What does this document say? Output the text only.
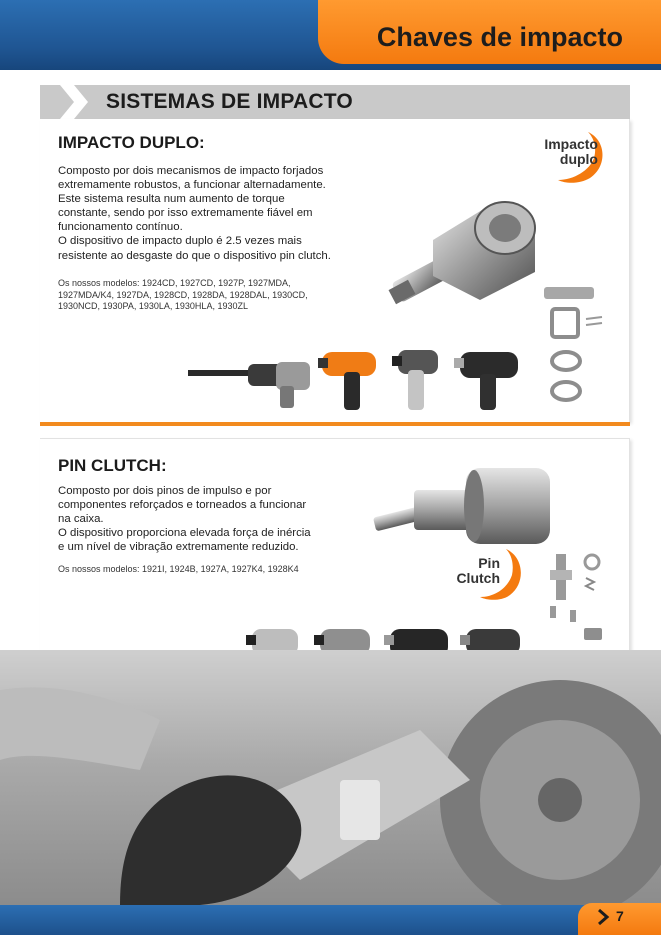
Chaves de impacto
SISTEMAS DE IMPACTO
IMPACTO DUPLO:

Composto por dois mecanismos de impacto forjados

extremamente robustos, a funcionar alternadamente.

Este sistema resulta num aumento de torque

constante, sendo por isso extremamente fiável em

funcionamento contínuo.

O dispositivo de impacto duplo é 2.5 vezes mais

resistente ao desgaste do que o dispositivo pin clutch.

Os nossos modelos: 1924CD, 1927CD, 1927P, 1927MDA,
1927MDA/K4, 1927DA, 1928CD, 1928DA, 1928DAL, 1930CD,
1930NCD, 1930PA, 1930LA, 1930HLA, 1930ZL
Impacto
duplo
PIN CLUTCH:

Composto por dois pinos de impulso e por

componentes reforçados e torneados a funcionar

na caixa.

O dispositivo proporciona elevada força de inércia

e um nível de vibração extremamente reduzido.

Os nossos modelos: 1921I, 1924B, 1927A, 1927K4, 1928K4	Pin
Clutch
7
